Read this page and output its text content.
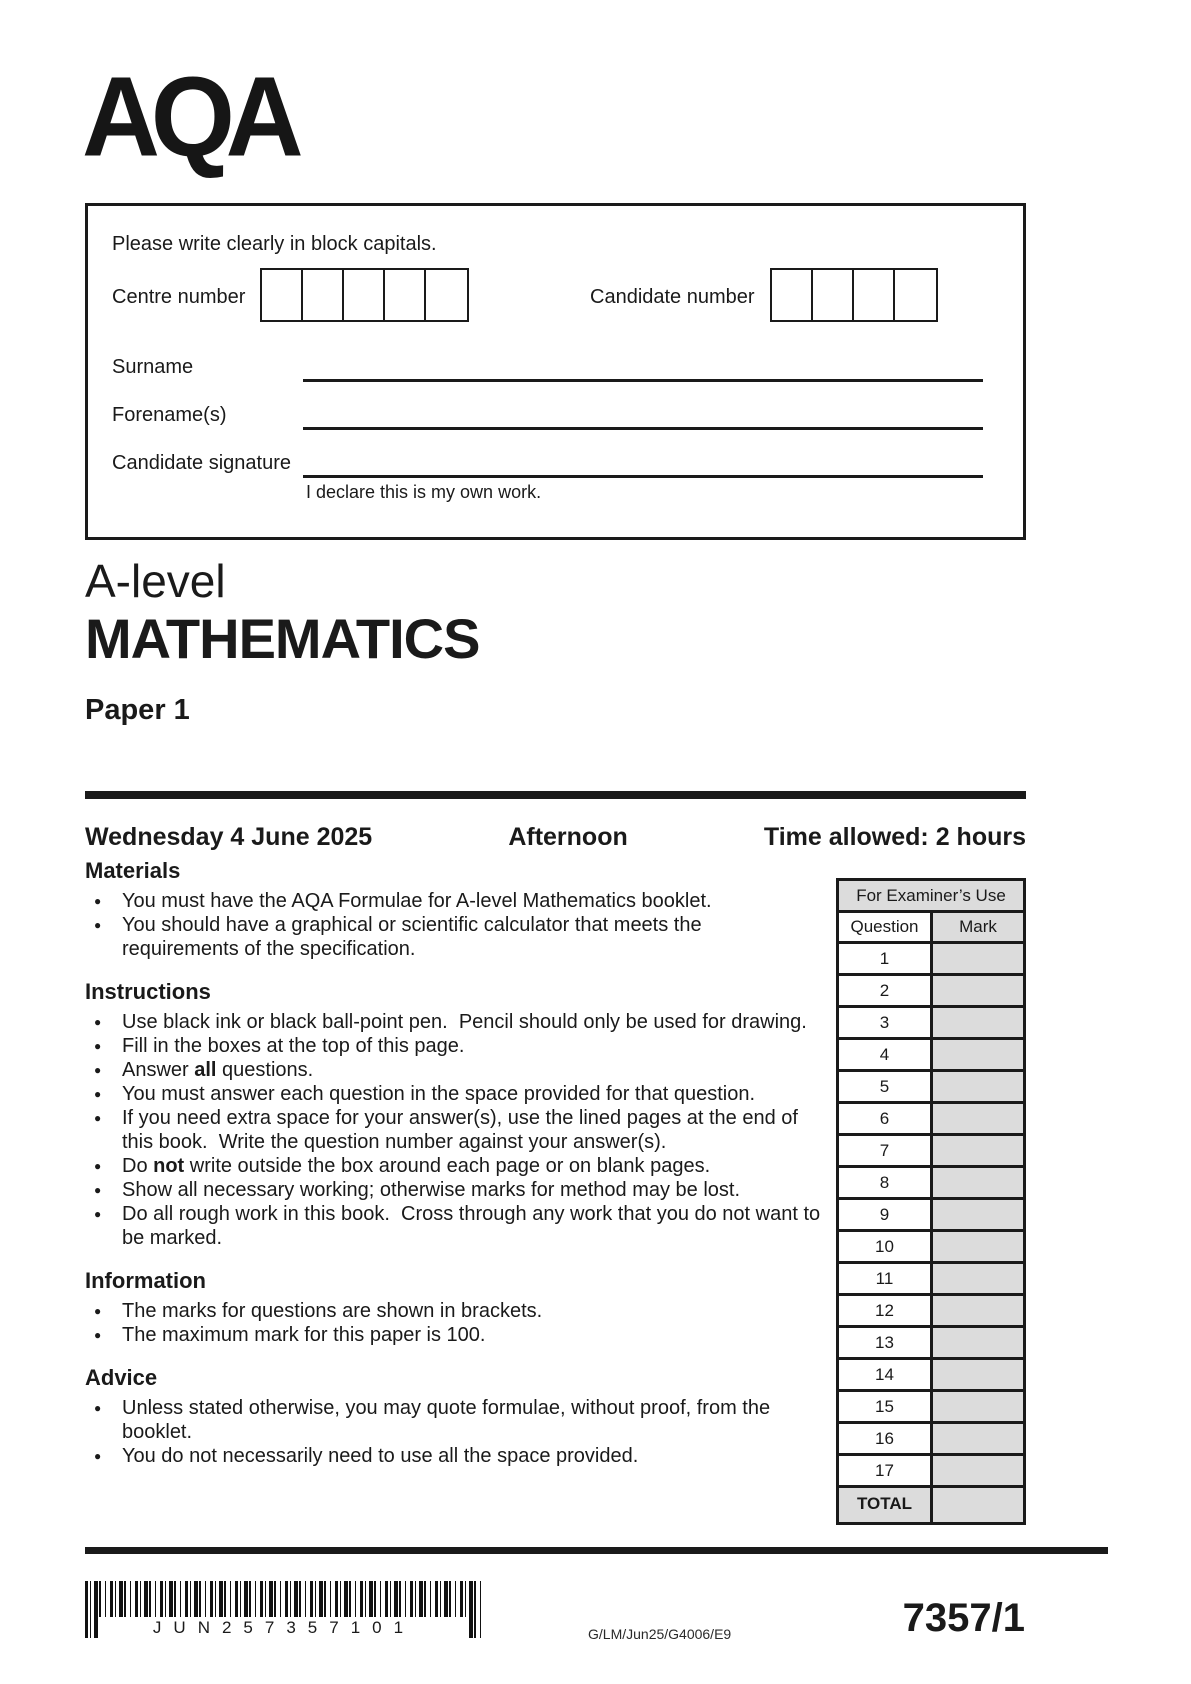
AQA
Please write clearly in block capitals.
Centre number	Candidate number
Surname
Forename(s)
Candidate signature
I declare this is my own work.
A-level
MATHEMATICS
Paper 1
Wednesday 4 June 2025	Afternoon	Time allowed: 2 hours
Materials
●	You must have the AQA Formulae for A-level Mathematics booklet.
●	You should have a graphical or scientific calculator that meets the requirements of the specification.
Instructions
●	Use black ink or black ball-point pen.  Pencil should only be used for drawing.
●	Fill in the boxes at the top of this page.
●	Answer all questions.
●	You must answer each question in the space provided for that question.
●	If you need extra space for your answer(s), use the lined pages at the end of this book.  Write the question number against your answer(s).
●	Do not write outside the box around each page or on blank pages.
●	Show all necessary working; otherwise marks for method may be lost.
●	Do all rough work in this book.  Cross through any work that you do not want to be marked.
Information
●	The marks for questions are shown in brackets.
●	The maximum mark for this paper is 100.
Advice
●	Unless stated otherwise, you may quote formulae, without proof, from the booklet.
●	You do not necessarily need to use all the space provided.
For Examiner’s Use
Question	Mark
1
2
3
4
5
6
7
8
9
10
11
12
13
14
15
16
17
TOTAL
JUN257357101	G/LM/Jun25/G4006/E9	7357/1
